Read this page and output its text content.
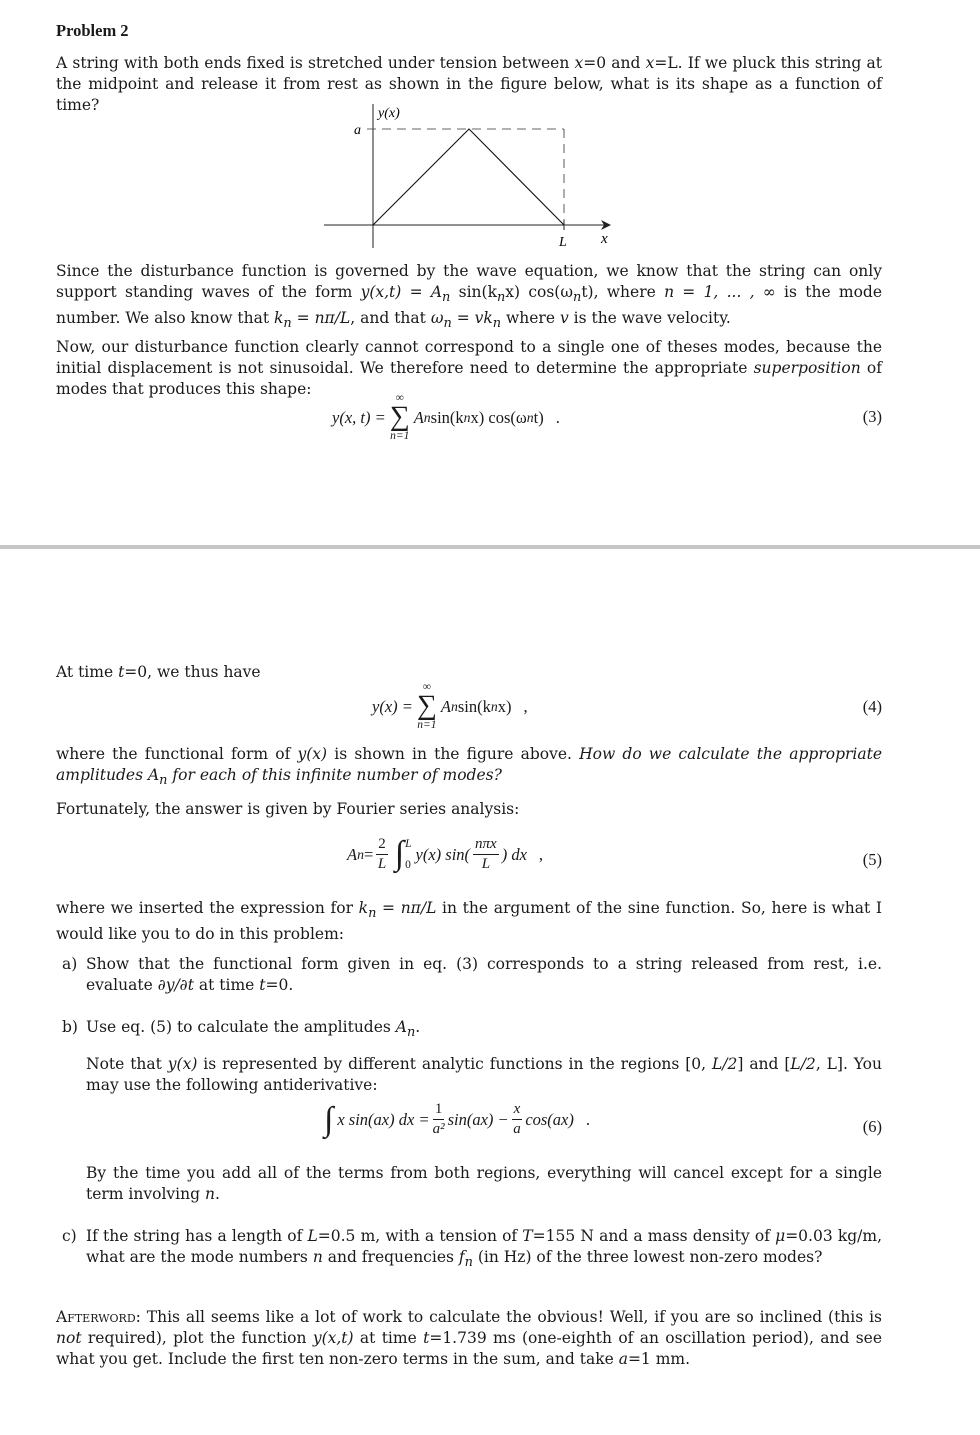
Problem 2

A string with both ends fixed is stretched under tension between x=0 and x=L. If we pluck this string at the midpoint and release it from rest as shown in the figure below, what is its shape as a function of time?	y(x)
a
L x

Since the disturbance function is governed by the wave equation, we know that the string can only support standing waves of the form $y(x,t) = A_n$ $\sin(k_nx)$ $\cos(\omega_nt)$, where n = 1, ... , ∞ is the mode number. We also know that $k_n = n\pi/L$, and that $\omega_n = vk_n$ where v is the wave velocity.

Now, our disturbance function clearly cannot correspond to a single one of theses modes, because the initial displacement is not sinusoidal. We therefore need to determine the appropriate superposition of modes that produces this shape:

y(x, t) =
∞
∑
n=1
A n sin(k n x) cos(ω n t) .	(3)

At time t=0, we thus have

y(x) =
∞
∑
n=1
A n sin(k n x) ,	(4)

where the functional form of y(x) is shown in the figure above. How do we calculate the appropriate amplitudes $A_n$ for each of this infinite number of modes?

Fortunately, the answer is given by Fourier series analysis:

A $n = \frac{2}{L}$ ∫ L
0
y(x) $\sin( \frac{\text{nπx}}{L}$ ) dx ,	(5)

where we inserted the expression for $k_n = n\pi/L$ in the argument of the sine function. So, here is what I would like you to do in this problem:

a) Show that the functional form given in eq. (3) corresponds to a string released from rest, i.e. evaluate ∂y/∂t at time t=0.

b) Use eq. (5) to calculate the amplitudes $A_n$.

Note that y(x) is represented by different analytic functions in the regions [0, L/2] and [L/2, L]. You may use the following antiderivative:

∫ x sin(ax) dx = $\frac{1}{\text{a²}} \sin(ax) - \frac{x}{a} \cos(ax)$ .	(6)

By the time you add all of the terms from both regions, everything will cancel except for a single term involving n.

c) If the string has a length of L=0.5 m, with a tension of T=155 N and a mass density of μ=0.03 kg/m, what are the mode numbers n and frequencies $f_n$ (in Hz) of the three lowest non-zero modes?

Afterword: This all seems like a lot of work to calculate the obvious! Well, if you are so inclined (this is not required), plot the function y(x,t) at time t=1.739 ms (one-eighth of an oscillation period), and see what you get. Include the first ten non-zero terms in the sum, and take a=1 mm.
